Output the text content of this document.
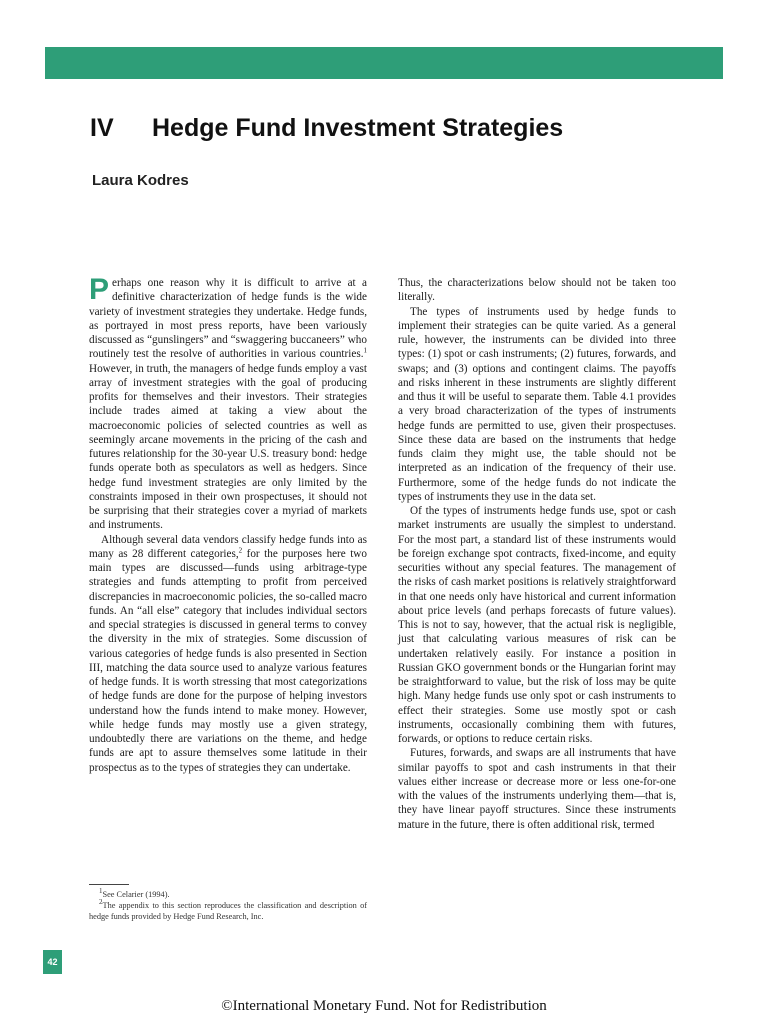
IV Hedge Fund Investment Strategies
Laura Kodres

Perhaps one reason why it is difficult to arrive at a definitive characterization of hedge funds is the wide variety of investment strategies they undertake. Hedge funds, as portrayed in most press reports, have been variously discussed as “gunslingers” and “swaggering buccaneers” who routinely test the resolve of authorities in various countries.$^1$ However, in truth, the managers of hedge funds employ a vast array of investment strategies with the goal of producing profits for themselves and their investors. Their strategies include trades aimed at taking a view about the macroeconomic policies of selected countries as well as seemingly arcane movements in the pricing of the cash and futures relationship for the 30-year U.S. treasury bond: hedge funds operate both as speculators as well as hedgers. Since hedge fund investment strategies are only limited by the constraints imposed in their own prospectuses, it should not be surprising that their strategies cover a myriad of markets and instruments.

Although several data vendors classify hedge funds into as many as 28 different categories,$^2$ for the purposes here two main types are discussed—funds using arbitrage-type strategies and funds attempting to profit from perceived discrepancies in macroeconomic policies, the so-called macro funds. An “all else” category that includes individual sectors and special strategies is discussed in general terms to convey the diversity in the mix of strategies. Some discussion of various categories of hedge funds is also presented in Section III, matching the data source used to analyze various features of hedge funds. It is worth stressing that most categorizations of hedge funds are done for the purpose of helping investors understand how the funds intend to make money. However, while hedge funds may mostly use a given strategy, undoubtedly there are variations on the theme, and hedge funds are apt to assure themselves some latitude in their prospectus as to the types of strategies they can undertake.

Thus, the characterizations below should not be taken too literally.

The types of instruments used by hedge funds to implement their strategies can be quite varied. As a general rule, however, the instruments can be divided into three types: (1) spot or cash instruments; (2) futures, forwards, and swaps; and (3) options and contingent claims. The payoffs and risks inherent in these instruments are slightly different and thus it will be useful to separate them. Table 4.1 provides a very broad characterization of the types of instruments hedge funds are permitted to use, given their prospectuses. Since these data are based on the instruments that hedge funds claim they might use, the table should not be interpreted as an indication of the frequency of their use. Furthermore, some of the hedge funds do not indicate the types of instruments they use in the data set.

Of the types of instruments hedge funds use, spot or cash market instruments are usually the simplest to understand. For the most part, a standard list of these instruments would be foreign exchange spot contracts, fixed-income, and equity securities without any special features. The management of the risks of cash market positions is relatively straightforward in that one needs only have historical and current information about price levels (and perhaps forecasts of future values). This is not to say, however, that the actual risk is negligible, just that calculating various measures of risk can be undertaken relatively easily. For instance a position in Russian GKO government bonds or the Hungarian forint may be straightforward to value, but the risk of loss may be quite high. Many hedge funds use only spot or cash instruments to effect their strategies. Some use mostly spot or cash instruments, occasionally combining them with futures, forwards, or options to reduce certain risks.

Futures, forwards, and swaps are all instruments that have similar payoffs to spot and cash instruments in that their values either increase or decrease more or less one-for-one with the values of the instruments underlying them—that is, they have linear payoff structures. Since these instruments mature in the future, there is often additional risk, termed

$^1$See Celarier (1994).

$^2$The appendix to this section reproduces the classification and description of hedge funds provided by Hedge Fund Research, Inc.

42
©International Monetary Fund. Not for Redistribution
